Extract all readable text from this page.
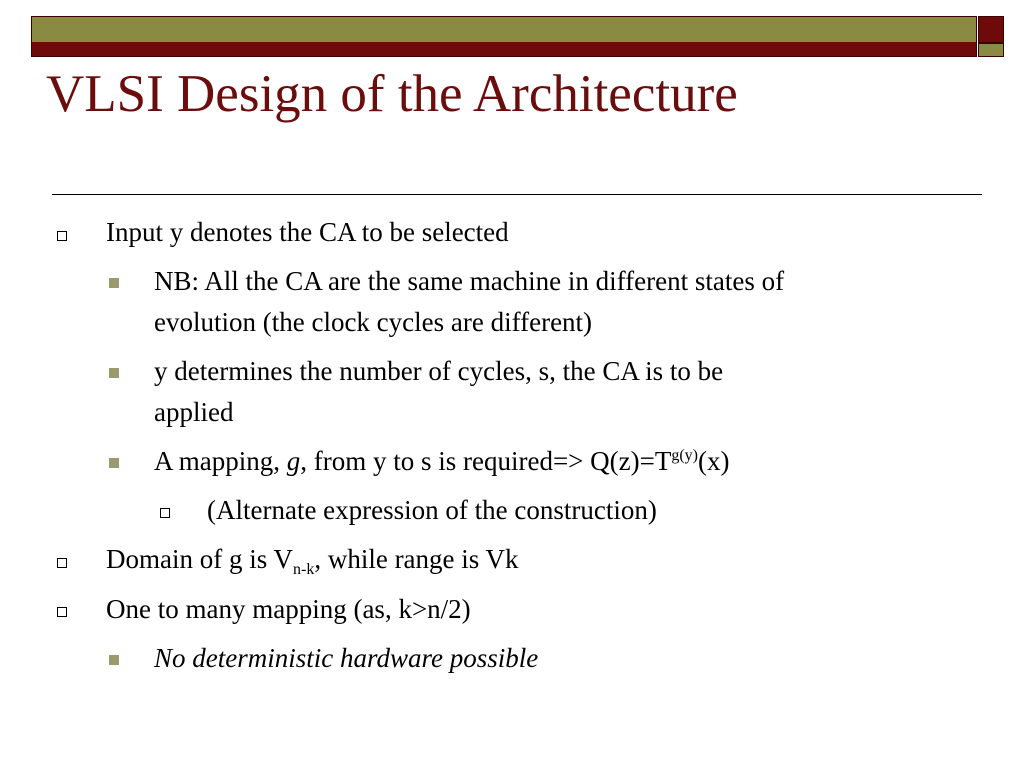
VLSI Design of the Architecture
Input y denotes the CA to be selected
NB: All the CA are the same machine in different states of
evolution (the clock cycles are different)
y determines the number of cycles, s, the CA is to be
applied
A mapping, g, from y to s is required=> $Q(z)=T^{g(y)}(x)$
(Alternate expression of the construction)
Domain of g is $V_{n-k}$, while range is Vk
One to many mapping (as, k>n/2)
No deterministic hardware possible
